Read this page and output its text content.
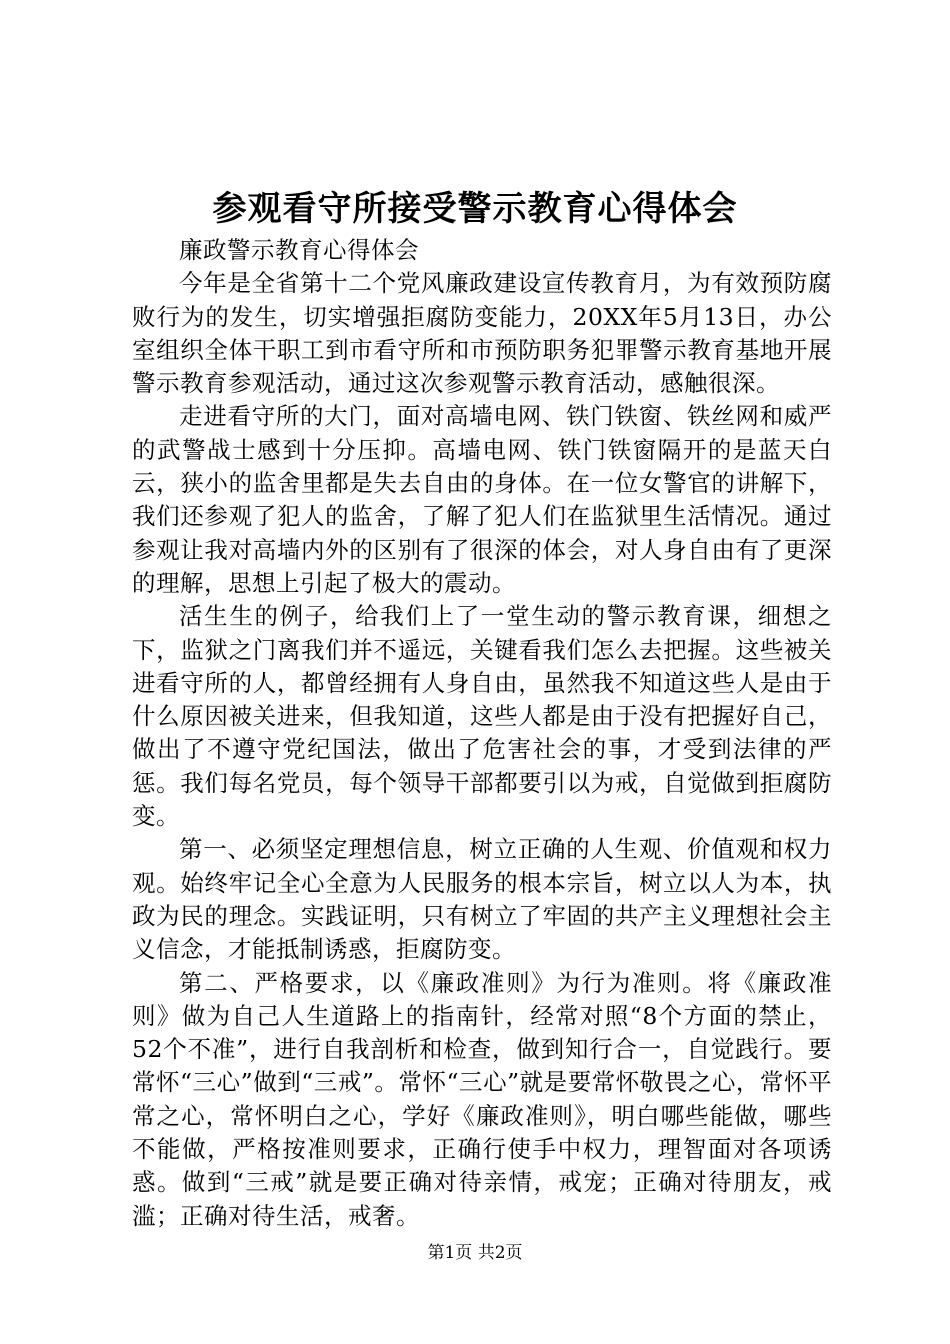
参观看守所接受警示教育心得体会

廉政警示教育心得体会

今年是全省第十二个党风廉政建设宣传教育月，为有效预防腐败行为的发生，切实增强拒腐防变能力，20XX年5月13日，办公室组织全体干职工到市看守所和市预防职务犯罪警示教育基地开展警示教育参观活动，通过这次参观警示教育活动，感触很深。

走进看守所的大门，面对高墙电网、铁门铁窗、铁丝网和威严的武警战士感到十分压抑。高墙电网、铁门铁窗隔开的是蓝天白云，狭小的监舍里都是失去自由的身体。在一位女警官的讲解下，我们还参观了犯人的监舍，了解了犯人们在监狱里生活情况。通过参观让我对高墙内外的区别有了很深的体会，对人身自由有了更深的理解，思想上引起了极大的震动。

活生生的例子，给我们上了一堂生动的警示教育课，细想之下，监狱之门离我们并不遥远，关键看我们怎么去把握。这些被关进看守所的人，都曾经拥有人身自由，虽然我不知道这些人是由于什么原因被关进来，但我知道，这些人都是由于没有把握好自己，做出了不遵守党纪国法，做出了危害社会的事，才受到法律的严惩。我们每名党员，每个领导干部都要引以为戒，自觉做到拒腐防变。

第一、必须坚定理想信息，树立正确的人生观、价值观和权力观。始终牢记全心全意为人民服务的根本宗旨，树立以人为本，执政为民的理念。实践证明，只有树立了牢固的共产主义理想社会主义信念，才能抵制诱惑，拒腐防变。

第二、严格要求，以《廉政准则》为行为准则。将《廉政准则》做为自己人生道路上的指南针，经常对照“8个方面的禁止，52个不准”，进行自我剖析和检查，做到知行合一，自觉践行。要常怀“三心”做到“三戒”。常怀“三心”就是要常怀敬畏之心，常怀平常之心，常怀明白之心，学好《廉政准则》，明白哪些能做，哪些不能做，严格按准则要求，正确行使手中权力，理智面对各项诱惑。做到“三戒”就是要正确对待亲情，戒宠；正确对待朋友，戒滥；正确对待生活，戒奢。

第1页 共2页
